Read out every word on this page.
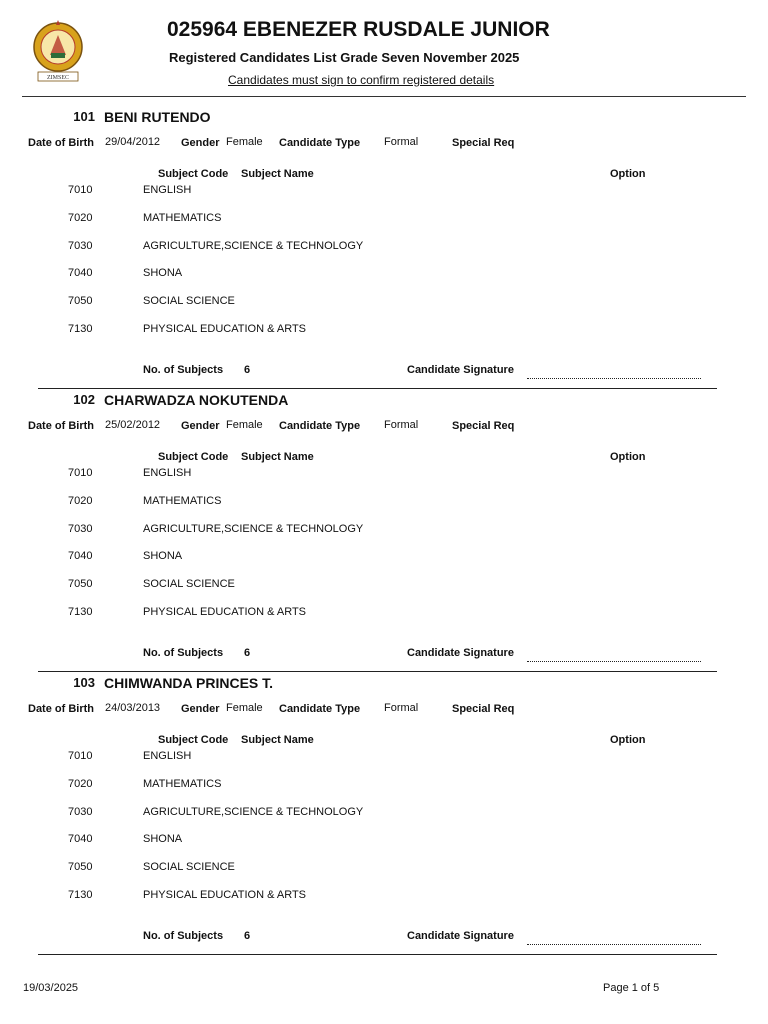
ZIMSEC
025964 EBENEZER RUSDALE JUNIOR
Registered Candidates List Grade Seven November 2025
Candidates must sign to confirm registered details
101 BENI RUTENDO
Date of Birth 29/04/2012 Gender Female Candidate Type Formal	Special Req
Subject Code Subject Name	Option
7010	ENGLISH
7020	MATHEMATICS
7030	AGRICULTURE,SCIENCE & TECHNOLOGY
7040	SHONA
7050	SOCIAL SCIENCE
7130	PHYSICAL EDUCATION & ARTS
No. of Subjects 6	Candidate Signature
102 CHARWADZA NOKUTENDA
Date of Birth 25/02/2012 Gender Female Candidate Type Formal	Special Req
Subject Code Subject Name	Option
7010	ENGLISH
7020	MATHEMATICS
7030	AGRICULTURE,SCIENCE & TECHNOLOGY
7040	SHONA
7050	SOCIAL SCIENCE
7130	PHYSICAL EDUCATION & ARTS
No. of Subjects 6	Candidate Signature
103 CHIMWANDA PRINCES T.
Date of Birth 24/03/2013 Gender Female Candidate Type Formal	Special Req
Subject Code Subject Name	Option
7010	ENGLISH
7020	MATHEMATICS
7030	AGRICULTURE,SCIENCE & TECHNOLOGY
7040	SHONA
7050	SOCIAL SCIENCE
7130	PHYSICAL EDUCATION & ARTS
No. of Subjects 6	Candidate Signature
19/03/2025	Page 1 of 5
